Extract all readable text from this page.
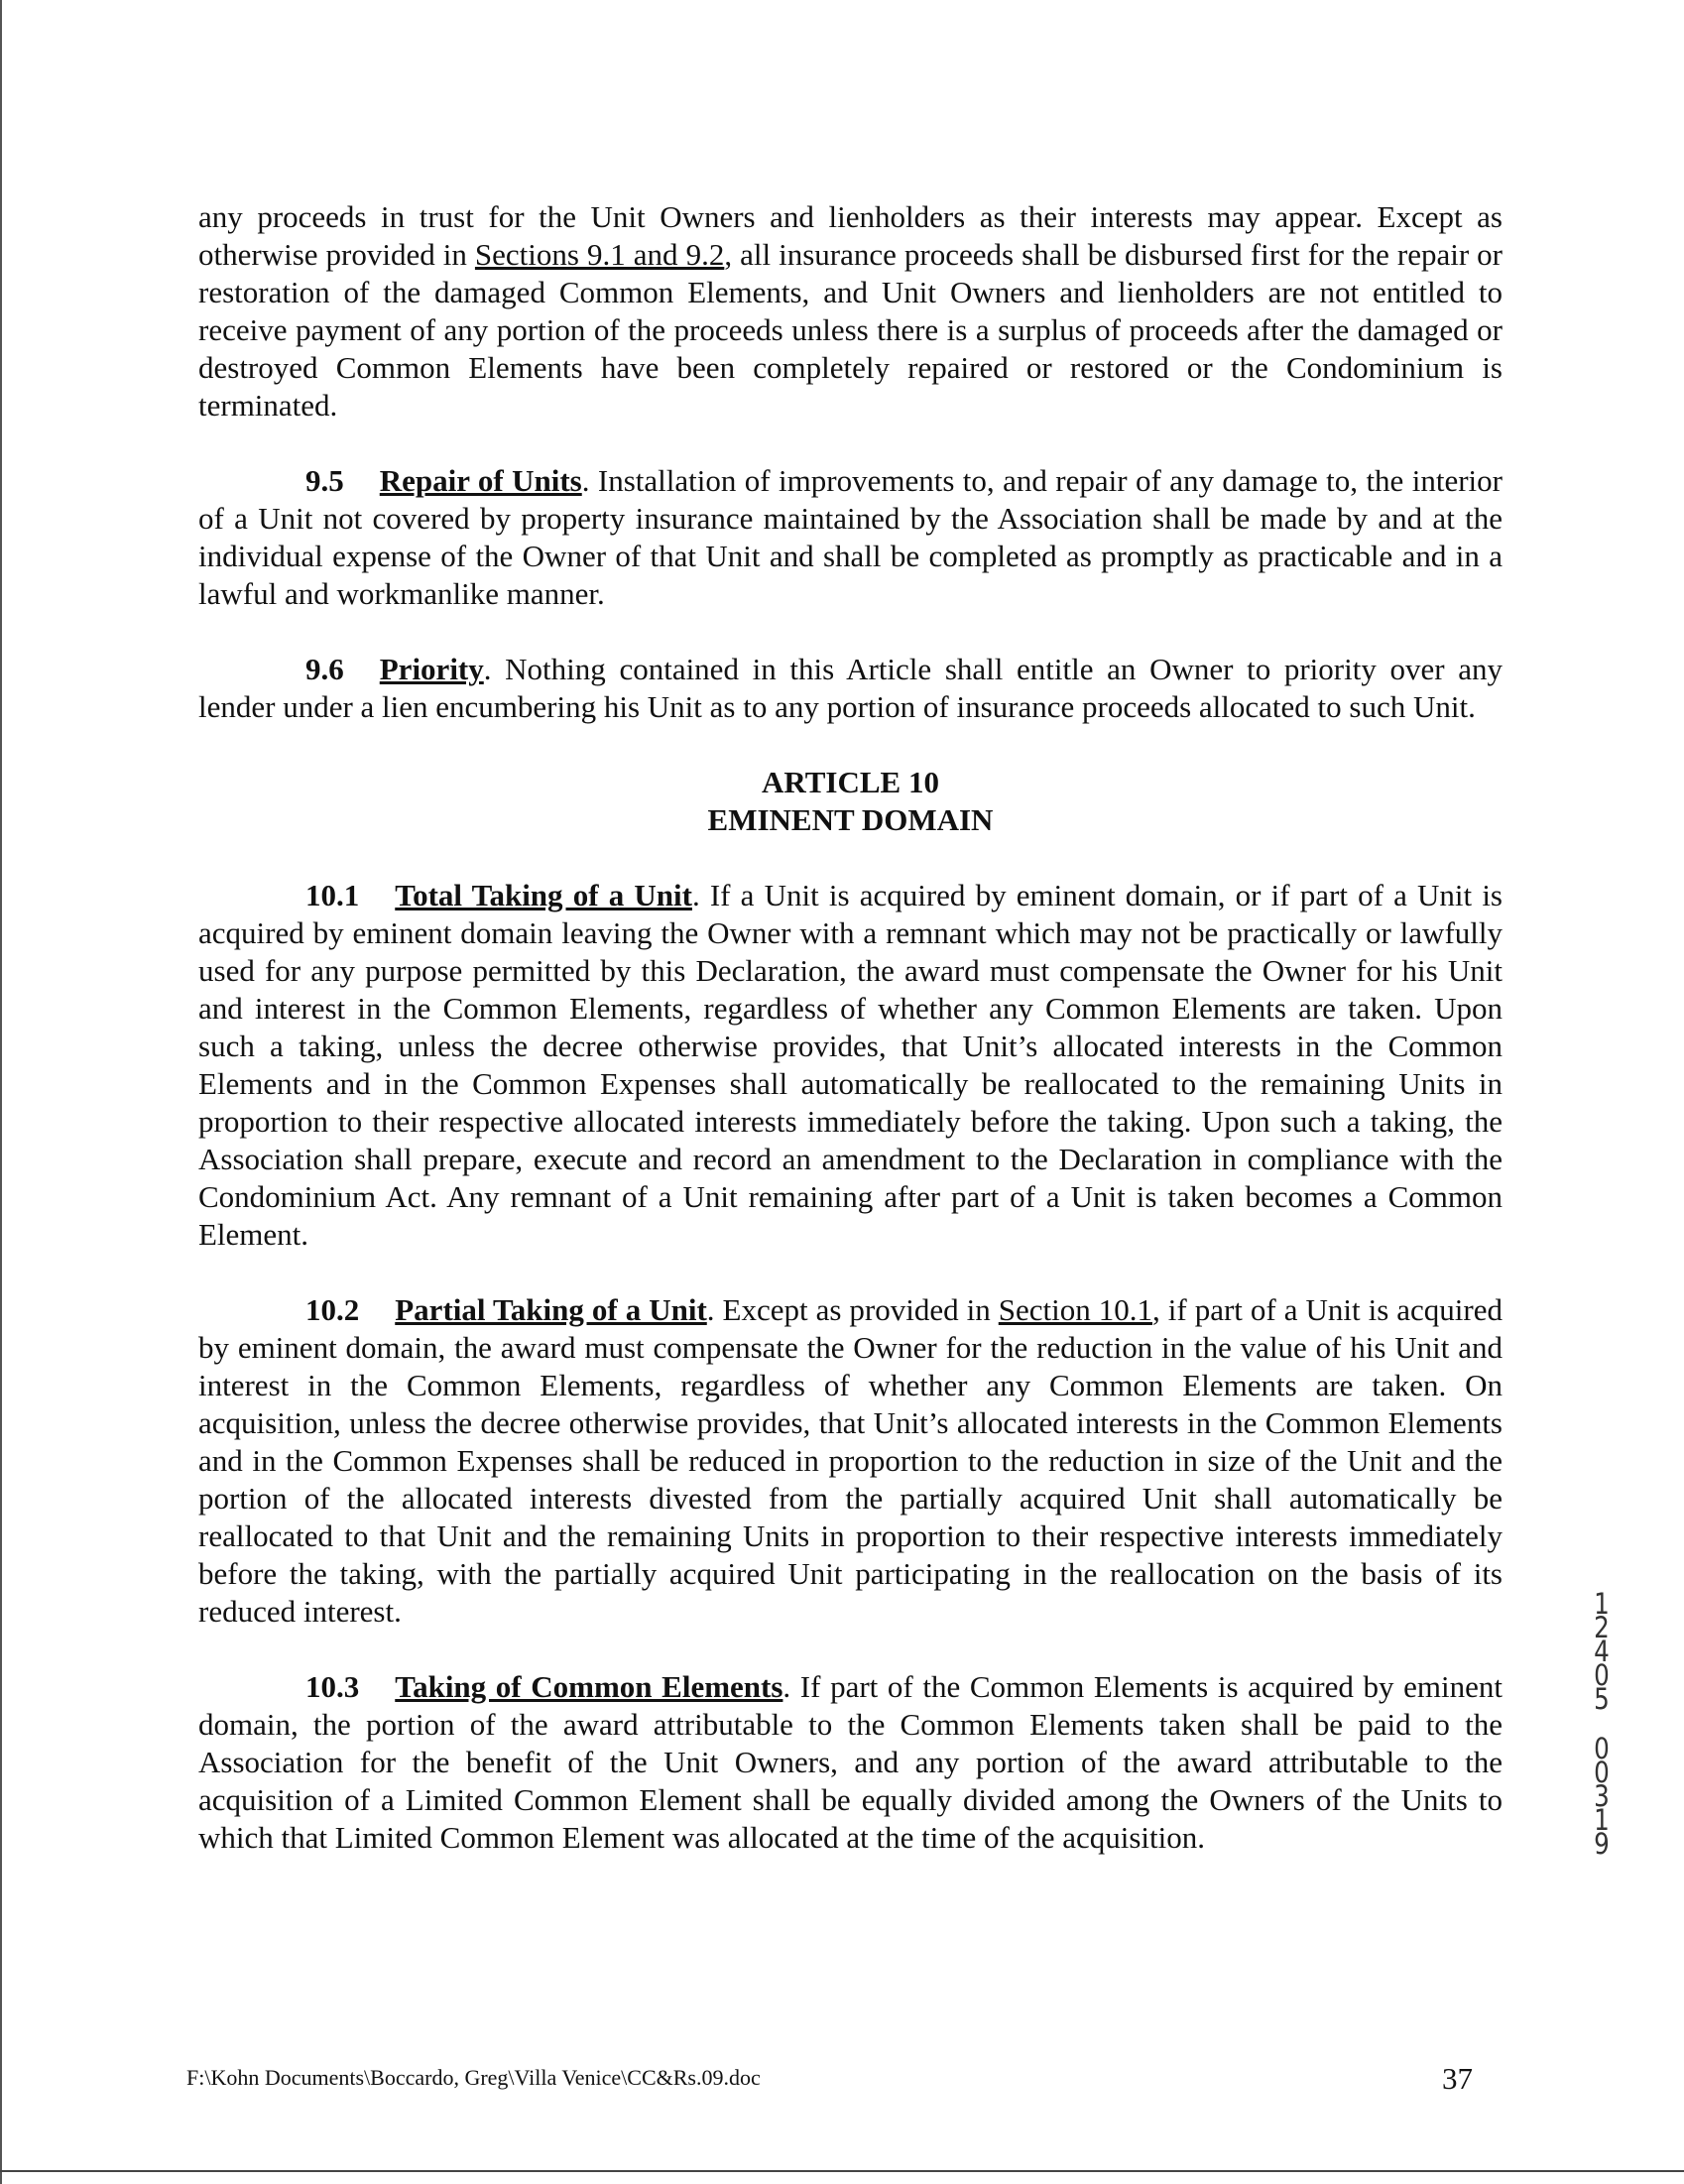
any proceeds in trust for the Unit Owners and lienholders as their interests may appear. Except as otherwise provided in Sections 9.1 and 9.2, all insurance proceeds shall be disbursed first for the repair or restoration of the damaged Common Elements, and Unit Owners and lienholders are not entitled to receive payment of any portion of the proceeds unless there is a surplus of proceeds after the damaged or destroyed Common Elements have been completely repaired or restored or the Condominium is terminated.

9.5 Repair of Units. Installation of improvements to, and repair of any damage to, the interior of a Unit not covered by property insurance maintained by the Association shall be made by and at the individual expense of the Owner of that Unit and shall be completed as promptly as practicable and in a lawful and workmanlike manner.

9.6 Priority. Nothing contained in this Article shall entitle an Owner to priority over any lender under a lien encumbering his Unit as to any portion of insurance proceeds allocated to such Unit.

ARTICLE 10
EMINENT DOMAIN

10.1 Total Taking of a Unit. If a Unit is acquired by eminent domain, or if part of a Unit is acquired by eminent domain leaving the Owner with a remnant which may not be practically or lawfully used for any purpose permitted by this Declaration, the award must compensate the Owner for his Unit and interest in the Common Elements, regardless of whether any Common Elements are taken. Upon such a taking, unless the decree otherwise provides, that Unit’s allocated interests in the Common Elements and in the Common Expenses shall automatically be reallocated to the remaining Units in proportion to their respective allocated interests immediately before the taking. Upon such a taking, the Association shall prepare, execute and record an amendment to the Declaration in compliance with the Condominium Act. Any remnant of a Unit remaining after part of a Unit is taken becomes a Common Element.

10.2 Partial Taking of a Unit. Except as provided in Section 10.1, if part of a Unit is acquired by eminent domain, the award must compensate the Owner for the reduction in the value of his Unit and interest in the Common Elements, regardless of whether any Common Elements are taken. On acquisition, unless the decree otherwise provides, that Unit’s allocated interests in the Common Elements and in the Common Expenses shall be reduced in proportion to the reduction in size of the Unit and the portion of the allocated interests divested from the partially acquired Unit shall automatically be reallocated to that Unit and the remaining Units in proportion to their respective interests immediately before the taking, with the partially acquired Unit participating in the reallocation on the basis of its reduced interest.

10.3 Taking of Common Elements. If part of the Common Elements is acquired by eminent domain, the portion of the award attributable to the Common Elements taken shall be paid to the Association for the benefit of the Unit Owners, and any portion of the award attributable to the acquisition of a Limited Common Element shall be equally divided among the Owners of the Units to which that Limited Common Element was allocated at the time of the acquisition.

1
2
4
0
5
0
0
3
1
9
F:\Kohn Documents\Boccardo, Greg\Villa Venice\CC&Rs.09.doc	37
